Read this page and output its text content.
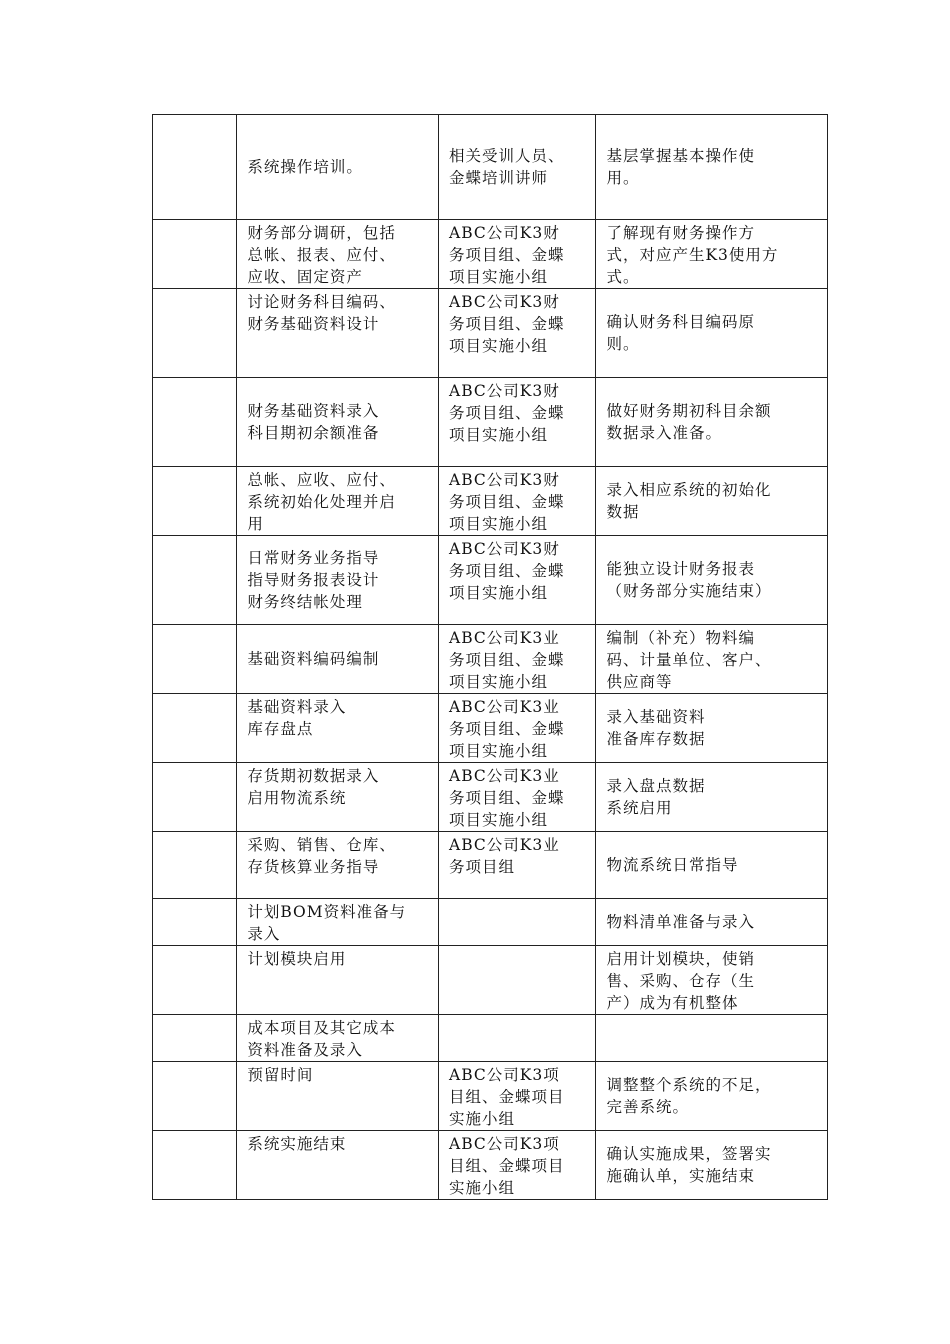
	系统操作培训。	相关受训人员、
金蝶培训讲师	基层掌握基本操作使
用。
	财务部分调研，包括
总帐、报表、应付、
应收、固定资产	ABC公司K3财
务项目组、金蝶
项目实施小组	了解现有财务操作方
式，对应产生K3使用方
式。
	讨论财务科目编码、
财务基础资料设计	ABC公司K3财
务项目组、金蝶
项目实施小组	确认财务科目编码原
则。
	财务基础资料录入
科目期初余额准备	ABC公司K3财
务项目组、金蝶
项目实施小组	做好财务期初科目余额
数据录入准备。
	总帐、应收、应付、
系统初始化处理并启
用	ABC公司K3财
务项目组、金蝶
项目实施小组	录入相应系统的初始化
数据
	日常财务业务指导
指导财务报表设计
财务终结帐处理	ABC公司K3财
务项目组、金蝶
项目实施小组	能独立设计财务报表
（财务部分实施结束）
	基础资料编码编制	ABC公司K3业
务项目组、金蝶
项目实施小组	编制（补充）物料编
码、计量单位、客户、
供应商等
	基础资料录入
库存盘点	ABC公司K3业
务项目组、金蝶
项目实施小组	录入基础资料
准备库存数据
	存货期初数据录入
启用物流系统	ABC公司K3业
务项目组、金蝶
项目实施小组	录入盘点数据
系统启用
	采购、销售、仓库、
存货核算业务指导	ABC公司K3业
务项目组	物流系统日常指导
	计划BOM资料准备与
录入		物料清单准备与录入
	计划模块启用		启用计划模块，使销
售、采购、仓存（生
产）成为有机整体
	成本项目及其它成本
资料准备及录入		
	预留时间	ABC公司K3项
目组、金蝶项目
实施小组	调整整个系统的不足，
完善系统。
	系统实施结束	ABC公司K3项
目组、金蝶项目
实施小组	确认实施成果，签署实
施确认单，实施结束
